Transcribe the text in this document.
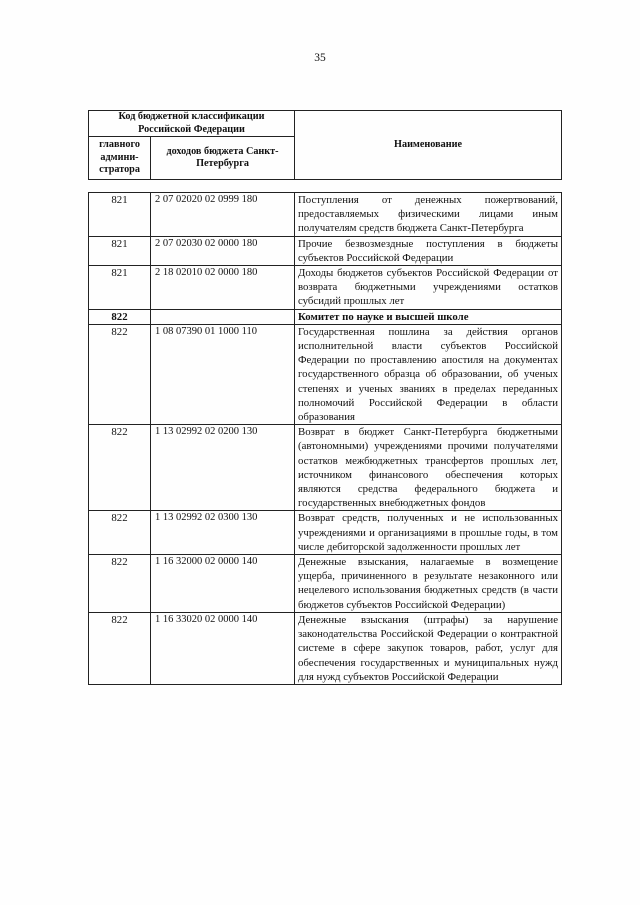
35
Код бюджетной классификации Российской Федерации		Наименование
главного админи-стратора	доходов бюджета Санкт-Петербурга	
821	2 07 02020 02 0999 180	Поступления от денежных пожертвований, предоставляемых физическими лицами иным получателям средств бюджета Санкт-Петербурга
821	2 07 02030 02 0000 180	Прочие безвозмездные поступления в бюджеты субъектов Российской Федерации
821	2 18 02010 02 0000 180	Доходы бюджетов субъектов Российской Федерации от возврата бюджетными учреждениями остатков субсидий прошлых лет
822		Комитет по науке и высшей школе
822	1 08 07390 01 1000 110	Государственная пошлина за действия органов исполнительной власти субъектов Российской Федерации по проставлению апостиля на документах государственного образца об образовании, об ученых степенях и ученых званиях в пределах переданных полномочий Российской Федерации в области образования
822	1 13 02992 02 0200 130	Возврат в бюджет Санкт-Петербурга бюджетными (автономными) учреждениями прочими получателями остатков межбюджетных трансфертов прошлых лет, источником финансового обеспечения которых являются средства федерального бюджета и государственных внебюджетных фондов
822	1 13 02992 02 0300 130	Возврат средств, полученных и не использованных учреждениями и организациями в прошлые годы, в том числе дебиторской задолженности прошлых лет
822	1 16 32000 02 0000 140	Денежные взыскания, налагаемые в возмещение ущерба, причиненного в результате незаконного или нецелевого использования бюджетных средств (в части бюджетов субъектов Российской Федерации)
822	1 16 33020 02 0000 140	Денежные взыскания (штрафы) за нарушение законодательства Российской Федерации о контрактной системе в сфере закупок товаров, работ, услуг для обеспечения государственных и муниципальных нужд для нужд субъектов Российской Федерации
